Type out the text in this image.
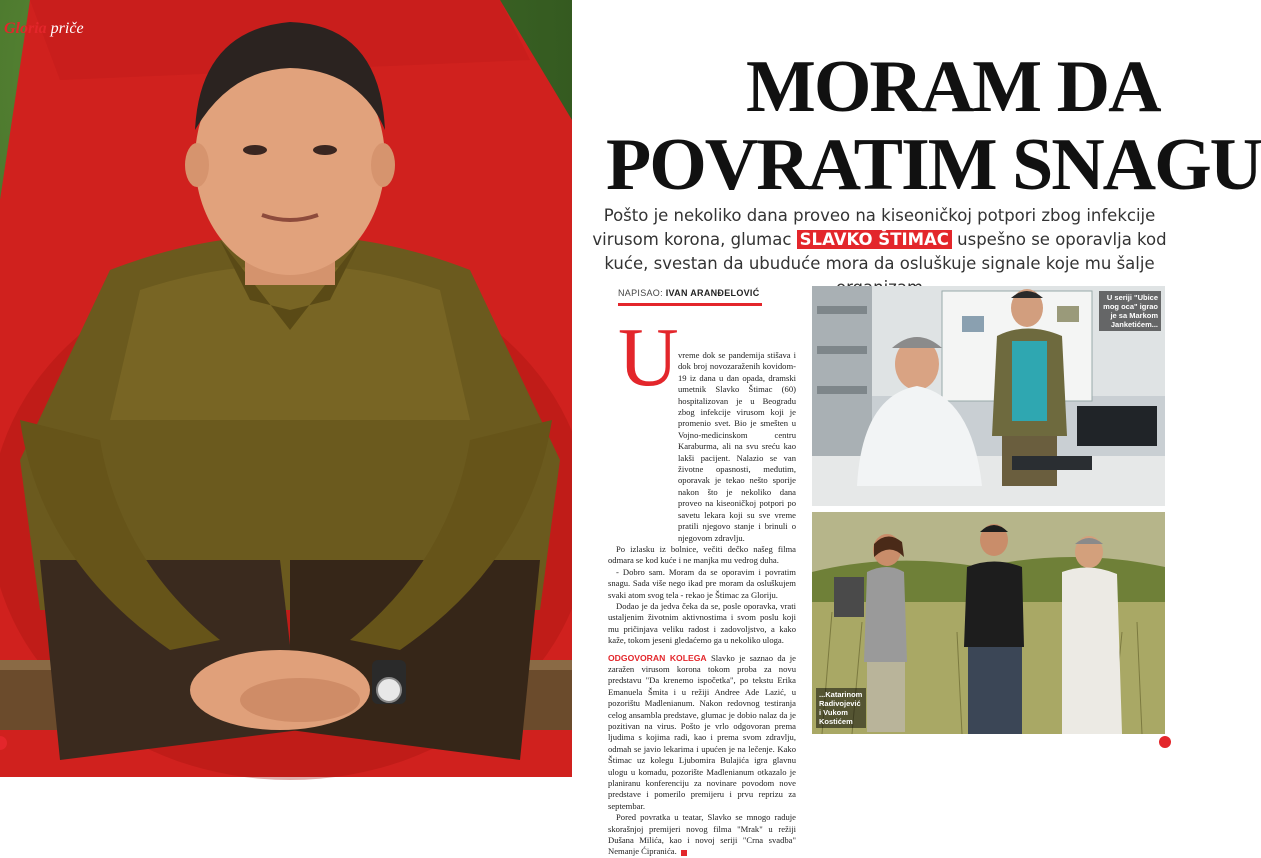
Gloria priče
MORAM DA
POVRATIM SNAGU
Pošto je nekoliko dana proveo na kiseoničkoj potpori zbog infekcije virusom korona, glumac SLAVKO ŠTIMAC uspešno se oporavlja kod kuće, svestan da ubuduće mora da osluškuje signale koje mu šalje
NAPISAO: IVAN ARANĐELOVIĆ
U vreme dok se pandemija stišava i dok broj novozaraženih kovidom-19 iz dana u dan opada, dramski umetnik Slavko Štimac (60) hospitalizovan je u Beogradu zbog infekcije virusom koji je promenio svet. Bio je smešten u Vojno-medicinskom centru Karaburma, ali na svu sreću kao lakši pacijent. Nalazio se van životne opasnosti, međutim, oporavak je tekao nešto sporije nakon što je nekoliko dana proveo na kiseoničkoj potpori po savetu lekara koji su sve vreme pratili njegovo stanje i brinuli o njegovom zdravlju.

Po izlasku iz bolnice, večiti dečko našeg filma odmara se kod kuće i ne manjka mu vedrog duha.

- Dobro sam. Moram da se oporavim i povratim snagu. Sada više nego ikad pre moram da osluškujem svaki atom svog tela - rekao je Štimac za Gloriju.

Dodao je da jedva čeka da se, posle oporavka, vrati ustaljenim životnim aktivnostima i svom poslu koji mu pričinjava veliku radost i zadovoljstvo, a kako kaže, tokom jeseni gledaćemo ga u nekoliko uloga.

ODGOVORAN KOLEGA Slavko je saznao da je zaražen virusom korona tokom proba za novu predstavu "Da krenemo ispočetka", po tekstu Erika Emanuela Šmita i u režiji Andree Ade Lazić, u pozorištu Madlenianum. Nakon redovnog testiranja celog ansambla predstave, glumac je dobio nalaz da je pozitivan na virus. Pošto je vrlo odgovoran prema ljudima s kojima radi, kao i prema svom zdravlju, odmah se javio lekarima i upućen je na lečenje. Kako Štimac uz kolegu Ljubomira Bulajića igra glavnu ulogu u komadu, pozorište Madlenianum otkazalo je planiranu konferenciju za novinare povodom nove predstave i pomerilo premijeru i prvu reprizu za septembar.

Pored povratka u teatar, Slavko se mnogo raduje skorašnjoj premijeri novog filma "Mrak" u režiji Dušana Milića, kao i novoj seriji "Crna svadba" Nemanje Ćipranića.

U seriji "Ubice mog oca" igrao je sa Markom Janketićem...
...Katarinom Radivojević i Vukom Kostićem
